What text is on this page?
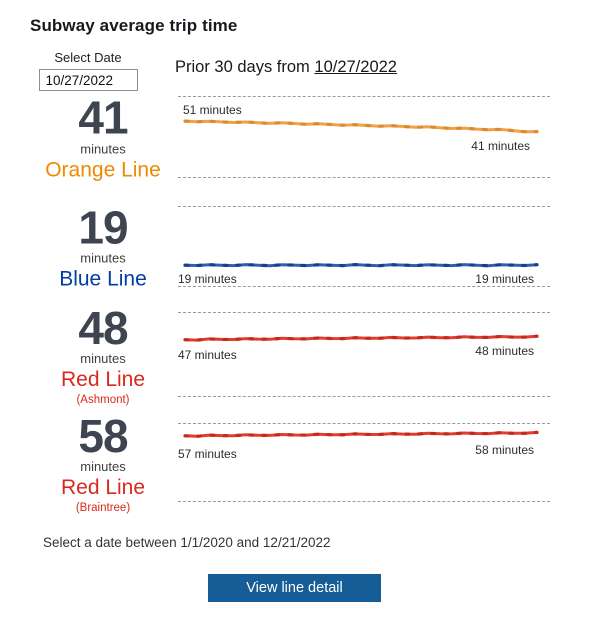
Subway average trip time
Select Date
10/27/2022
Prior 30 days from 10/27/2022
41
minutes
Orange Line
51 minutes
41 minutes
19
minutes
Blue Line	19 minutes	19 minutes
48
minutes
Red Line
(Ashmont)
47 minutes	48 minutes
58
minutes
Red Line
(Braintree)
57 minutes	58 minutes
Select a date between 1/1/2020 and 12/21/2022
View line detail
